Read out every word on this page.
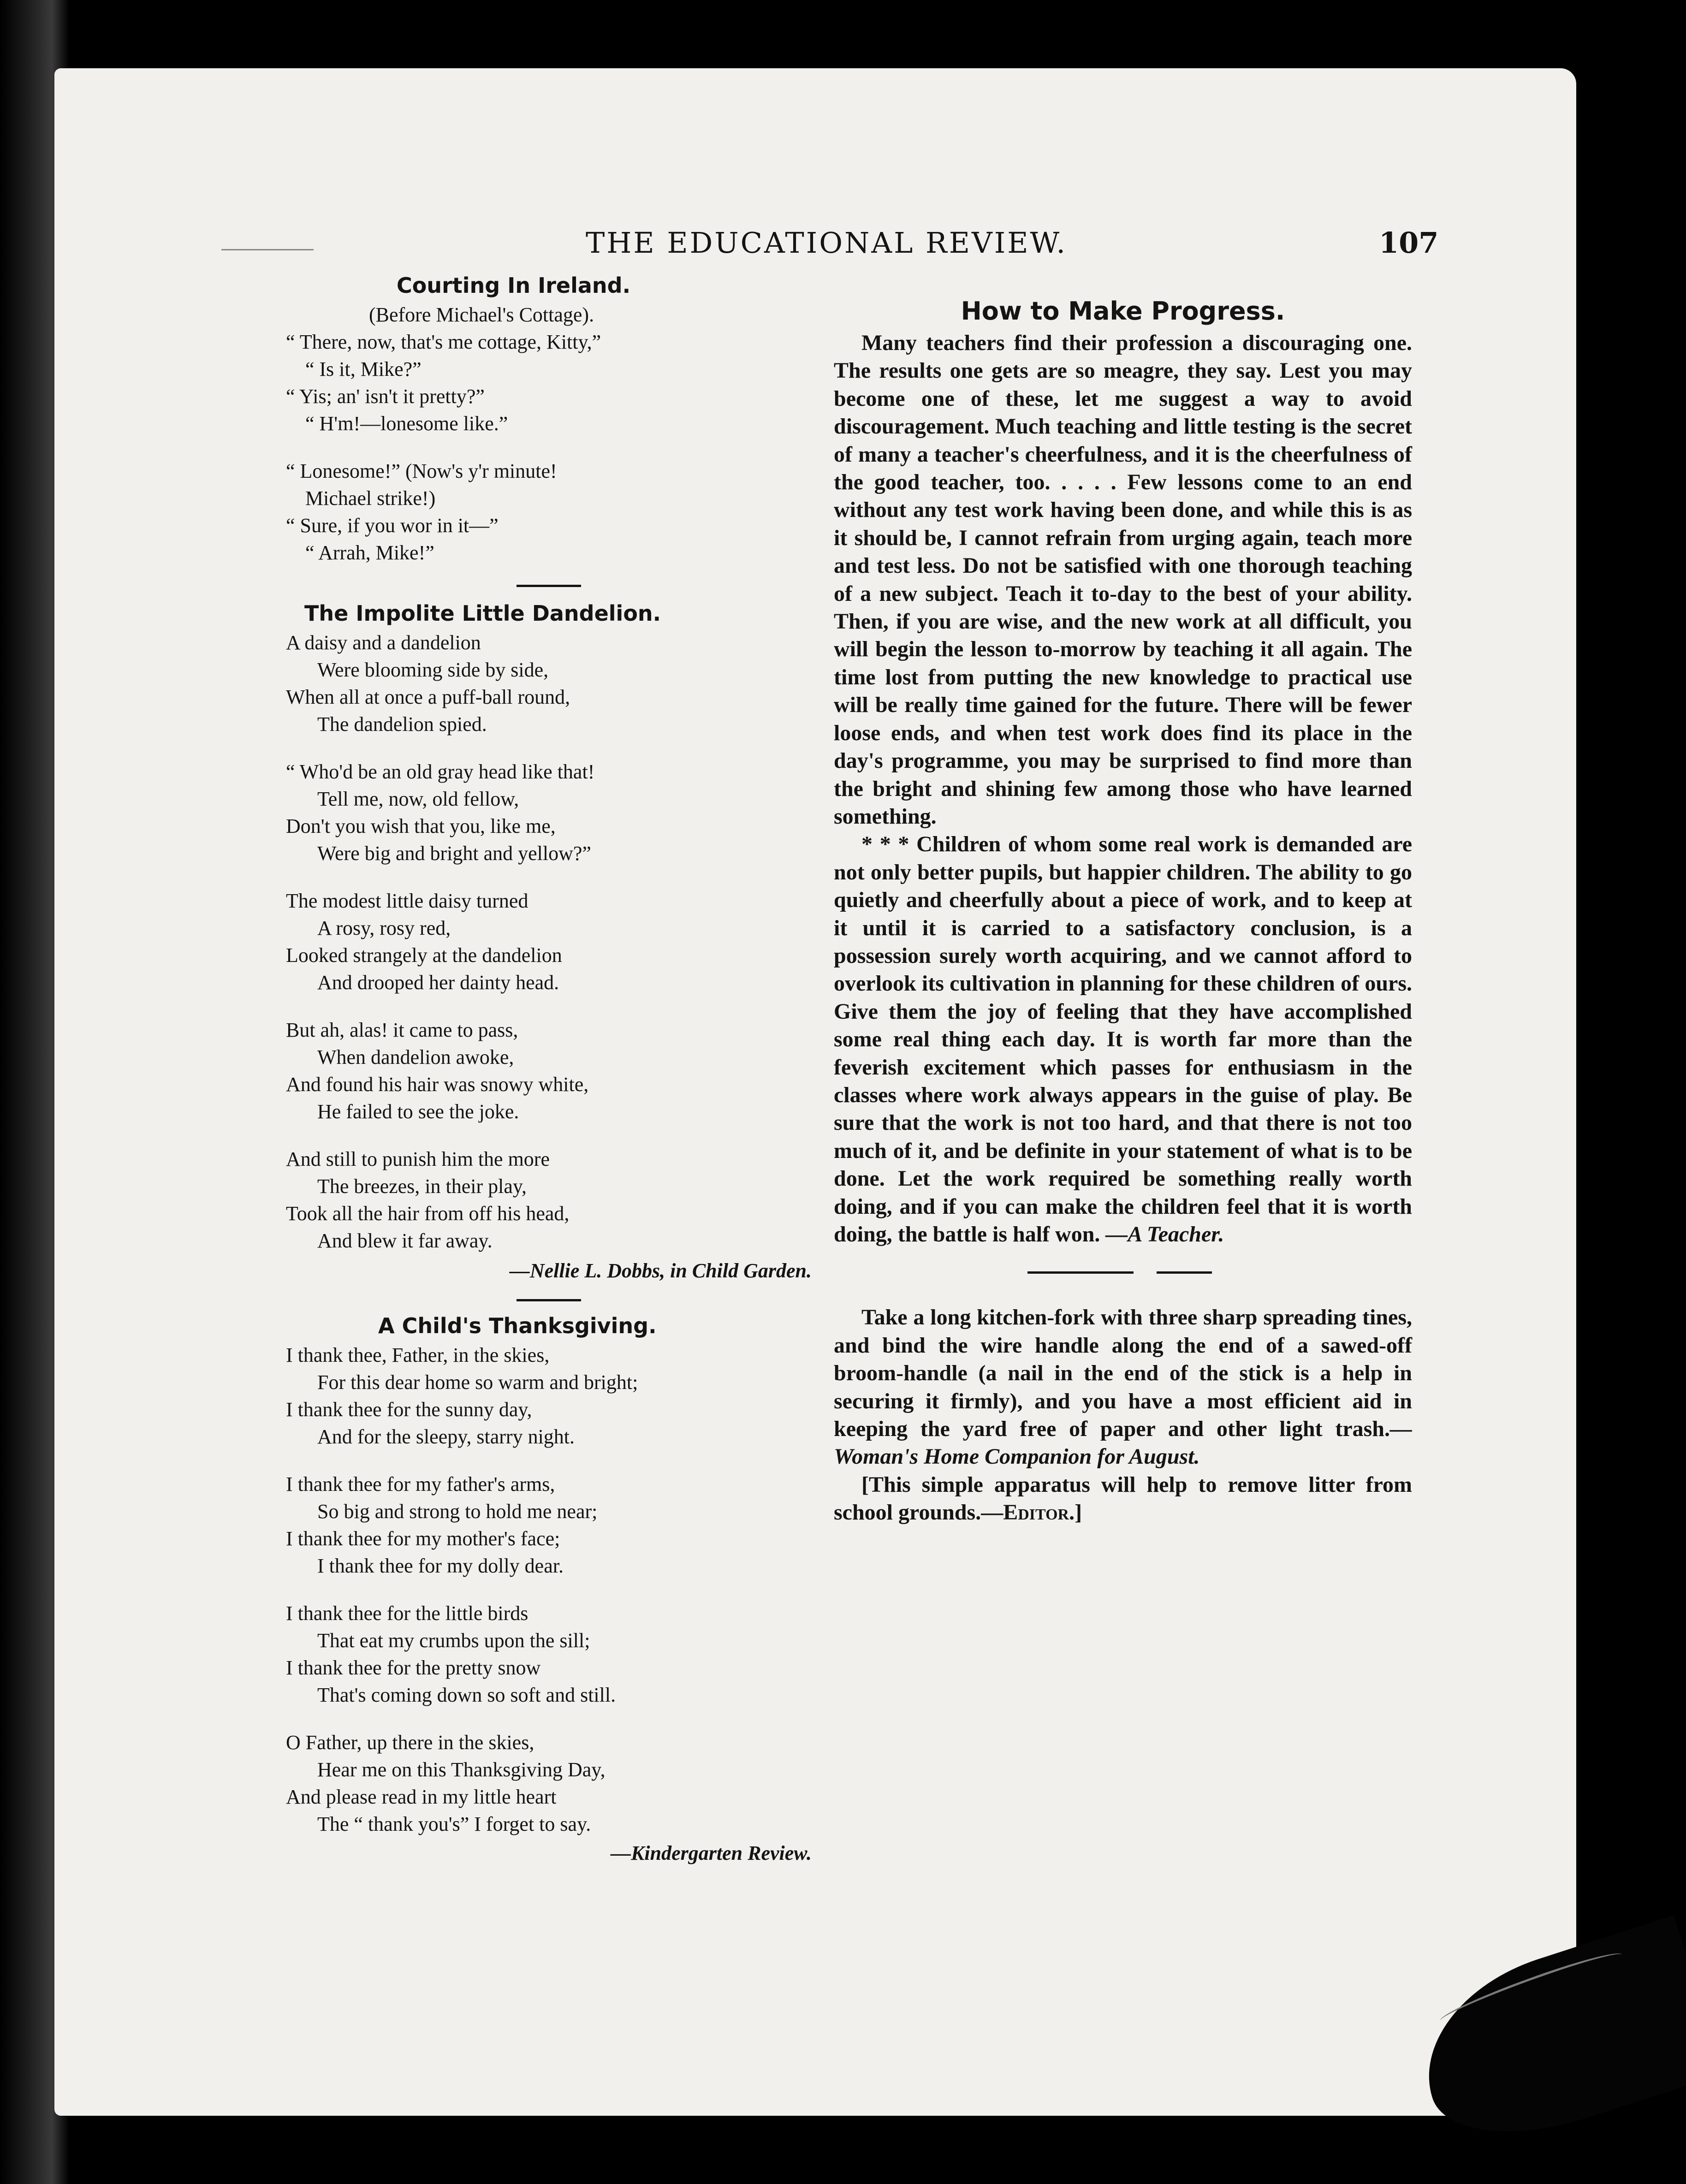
THE EDUCATIONAL REVIEW.	107
Courting In Ireland.
(Before Michael's Cottage).
“ There, now, that's me cottage, Kitty,”
“ Is it, Mike?”
“ Yis; an' isn't it pretty?”
“ H'm!—lonesome like.”
“ Lonesome!” (Now's y'r minute!
Michael strike!)
“ Sure, if you wor in it—”
“ Arrah, Mike!”
The Impolite Little Dandelion.
A daisy and a dandelion
Were blooming side by side,
When all at once a puff-ball round,
The dandelion spied.
“ Who'd be an old gray head like that!
Tell me, now, old fellow,
Don't you wish that you, like me,
Were big and bright and yellow?”
The modest little daisy turned
A rosy, rosy red,
Looked strangely at the dandelion
And drooped her dainty head.
But ah, alas! it came to pass,
When dandelion awoke,
And found his hair was snowy white,
He failed to see the joke.
And still to punish him the more
The breezes, in their play,
Took all the hair from off his head,
And blew it far away.
—Nellie L. Dobbs, in Child Garden.
A Child's Thanksgiving.
I thank thee, Father, in the skies,
For this dear home so warm and bright;
I thank thee for the sunny day,
And for the sleepy, starry night.
I thank thee for my father's arms,
So big and strong to hold me near;
I thank thee for my mother's face;
I thank thee for my dolly dear.
I thank thee for the little birds
That eat my crumbs upon the sill;
I thank thee for the pretty snow
That's coming down so soft and still.
O Father, up there in the skies,
Hear me on this Thanksgiving Day,
And please read in my little heart
The “ thank you's” I forget to say.
—Kindergarten Review.
How to Make Progress.

Many teachers find their profession a discouraging one. The results one gets are so meagre, they say. Lest you may become one of these, let me suggest a way to avoid discouragement. Much teaching and little testing is the secret of many a teacher's cheerfulness, and it is the cheerfulness of the good teacher, too. . . . . Few lessons come to an end without any test work having been done, and while this is as it should be, I cannot refrain from urging again, teach more and test less. Do not be satisfied with one thorough teaching of a new subject. Teach it to-day to the best of your ability. Then, if you are wise, and the new work at all difficult, you will begin the lesson to-morrow by teaching it all again. The time lost from putting the new knowledge to practical use will be really time gained for the future. There will be fewer loose ends, and when test work does find its place in the day's programme, you may be surprised to find more than the bright and shining few among those who have learned something.

* * * Children of whom some real work is demanded are not only better pupils, but happier children. The ability to go quietly and cheerfully about a piece of work, and to keep at it until it is carried to a satisfactory conclusion, is a possession surely worth acquiring, and we cannot afford to overlook its cultivation in planning for these children of ours. Give them the joy of feeling that they have accomplished some real thing each day. It is worth far more than the feverish excitement which passes for enthusiasm in the classes where work always appears in the guise of play. Be sure that the work is not too hard, and that there is not too much of it, and be definite in your statement of what is to be done. Let the work required be something really worth doing, and if you can make the children feel that it is worth doing, the battle is half won. —A Teacher.

Take a long kitchen-fork with three sharp spreading tines, and bind the wire handle along the end of a sawed-off broom-handle (a nail in the end of the stick is a help in securing it firmly), and you have a most efficient aid in keeping the yard free of paper and other light trash.—Woman's Home Companion for August.

[This simple apparatus will help to remove litter from school grounds.—Editor.]
